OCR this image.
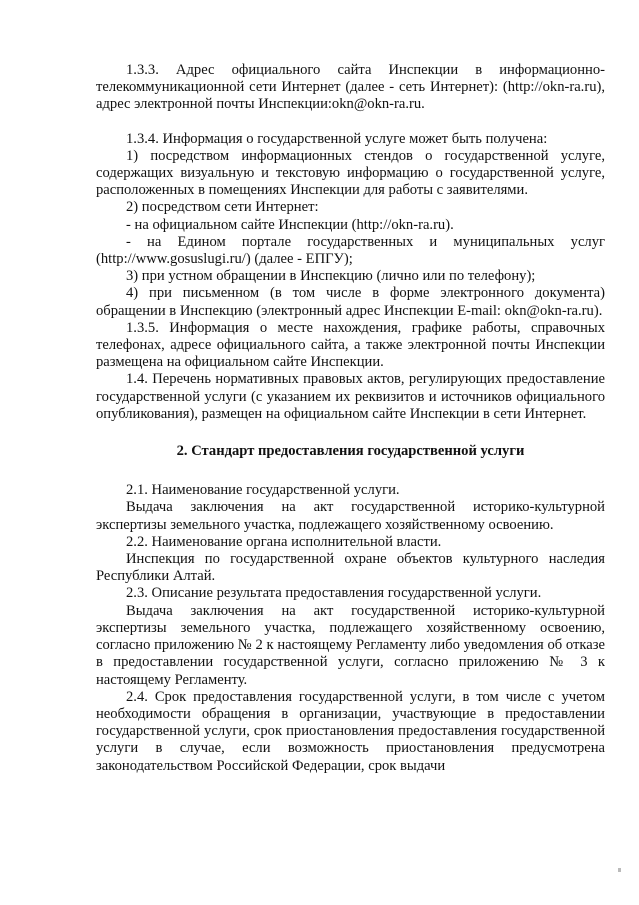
1.3.3. Адрес официального сайта Инспекции в информационно-телекоммуникационной сети Интернет (далее - сеть Интернет): (http://okn-ra.ru), адрес электронной почты Инспекции:okn@okn-ra.ru.

1.3.4. Информация о государственной услуге может быть получена:

1) посредством информационных стендов о государственной услуге, содержащих визуальную и текстовую информацию о государственной услуге, расположенных в помещениях Инспекции для работы с заявителями.

2) посредством сети Интернет:

- на официальном сайте Инспекции (http://okn-ra.ru).

- на Едином портале государственных и муниципальных услуг (http://www.gosuslugi.ru/) (далее - ЕПГУ);

3) при устном обращении в Инспекцию (лично или по телефону);

4) при письменном (в том числе в форме электронного документа) обращении в Инспекцию (электронный адрес Инспекции E-mail: okn@okn-ra.ru).

1.3.5. Информация о месте нахождения, графике работы, справочных телефонах, адресе официального сайта, а также электронной почты Инспекции размещена на официальном сайте Инспекции.

1.4. Перечень нормативных правовых актов, регулирующих предоставление государственной услуги (с указанием их реквизитов и источников официального опубликования), размещен на официальном сайте Инспекции в сети Интернет.

2. Стандарт предоставления государственной услуги

2.1. Наименование государственной услуги.

Выдача заключения на акт государственной историко-культурной экспертизы земельного участка, подлежащего хозяйственному освоению.

2.2. Наименование органа исполнительной власти.

Инспекция по государственной охране объектов культурного наследия Республики Алтай.

2.3. Описание результата предоставления государственной услуги.

Выдача заключения на акт государственной историко-культурной экспертизы земельного участка, подлежащего хозяйственному освоению, согласно приложению № 2 к настоящему Регламенту либо уведомления об отказе в предоставлении государственной услуги, согласно приложению № 3 к настоящему Регламенту.

2.4. Срок предоставления государственной услуги, в том числе с учетом необходимости обращения в организации, участвующие в предоставлении государственной услуги, срок приостановления предоставления государственной услуги в случае, если возможность приостановления предусмотрена законодательством Российской Федерации, срок выдачи
